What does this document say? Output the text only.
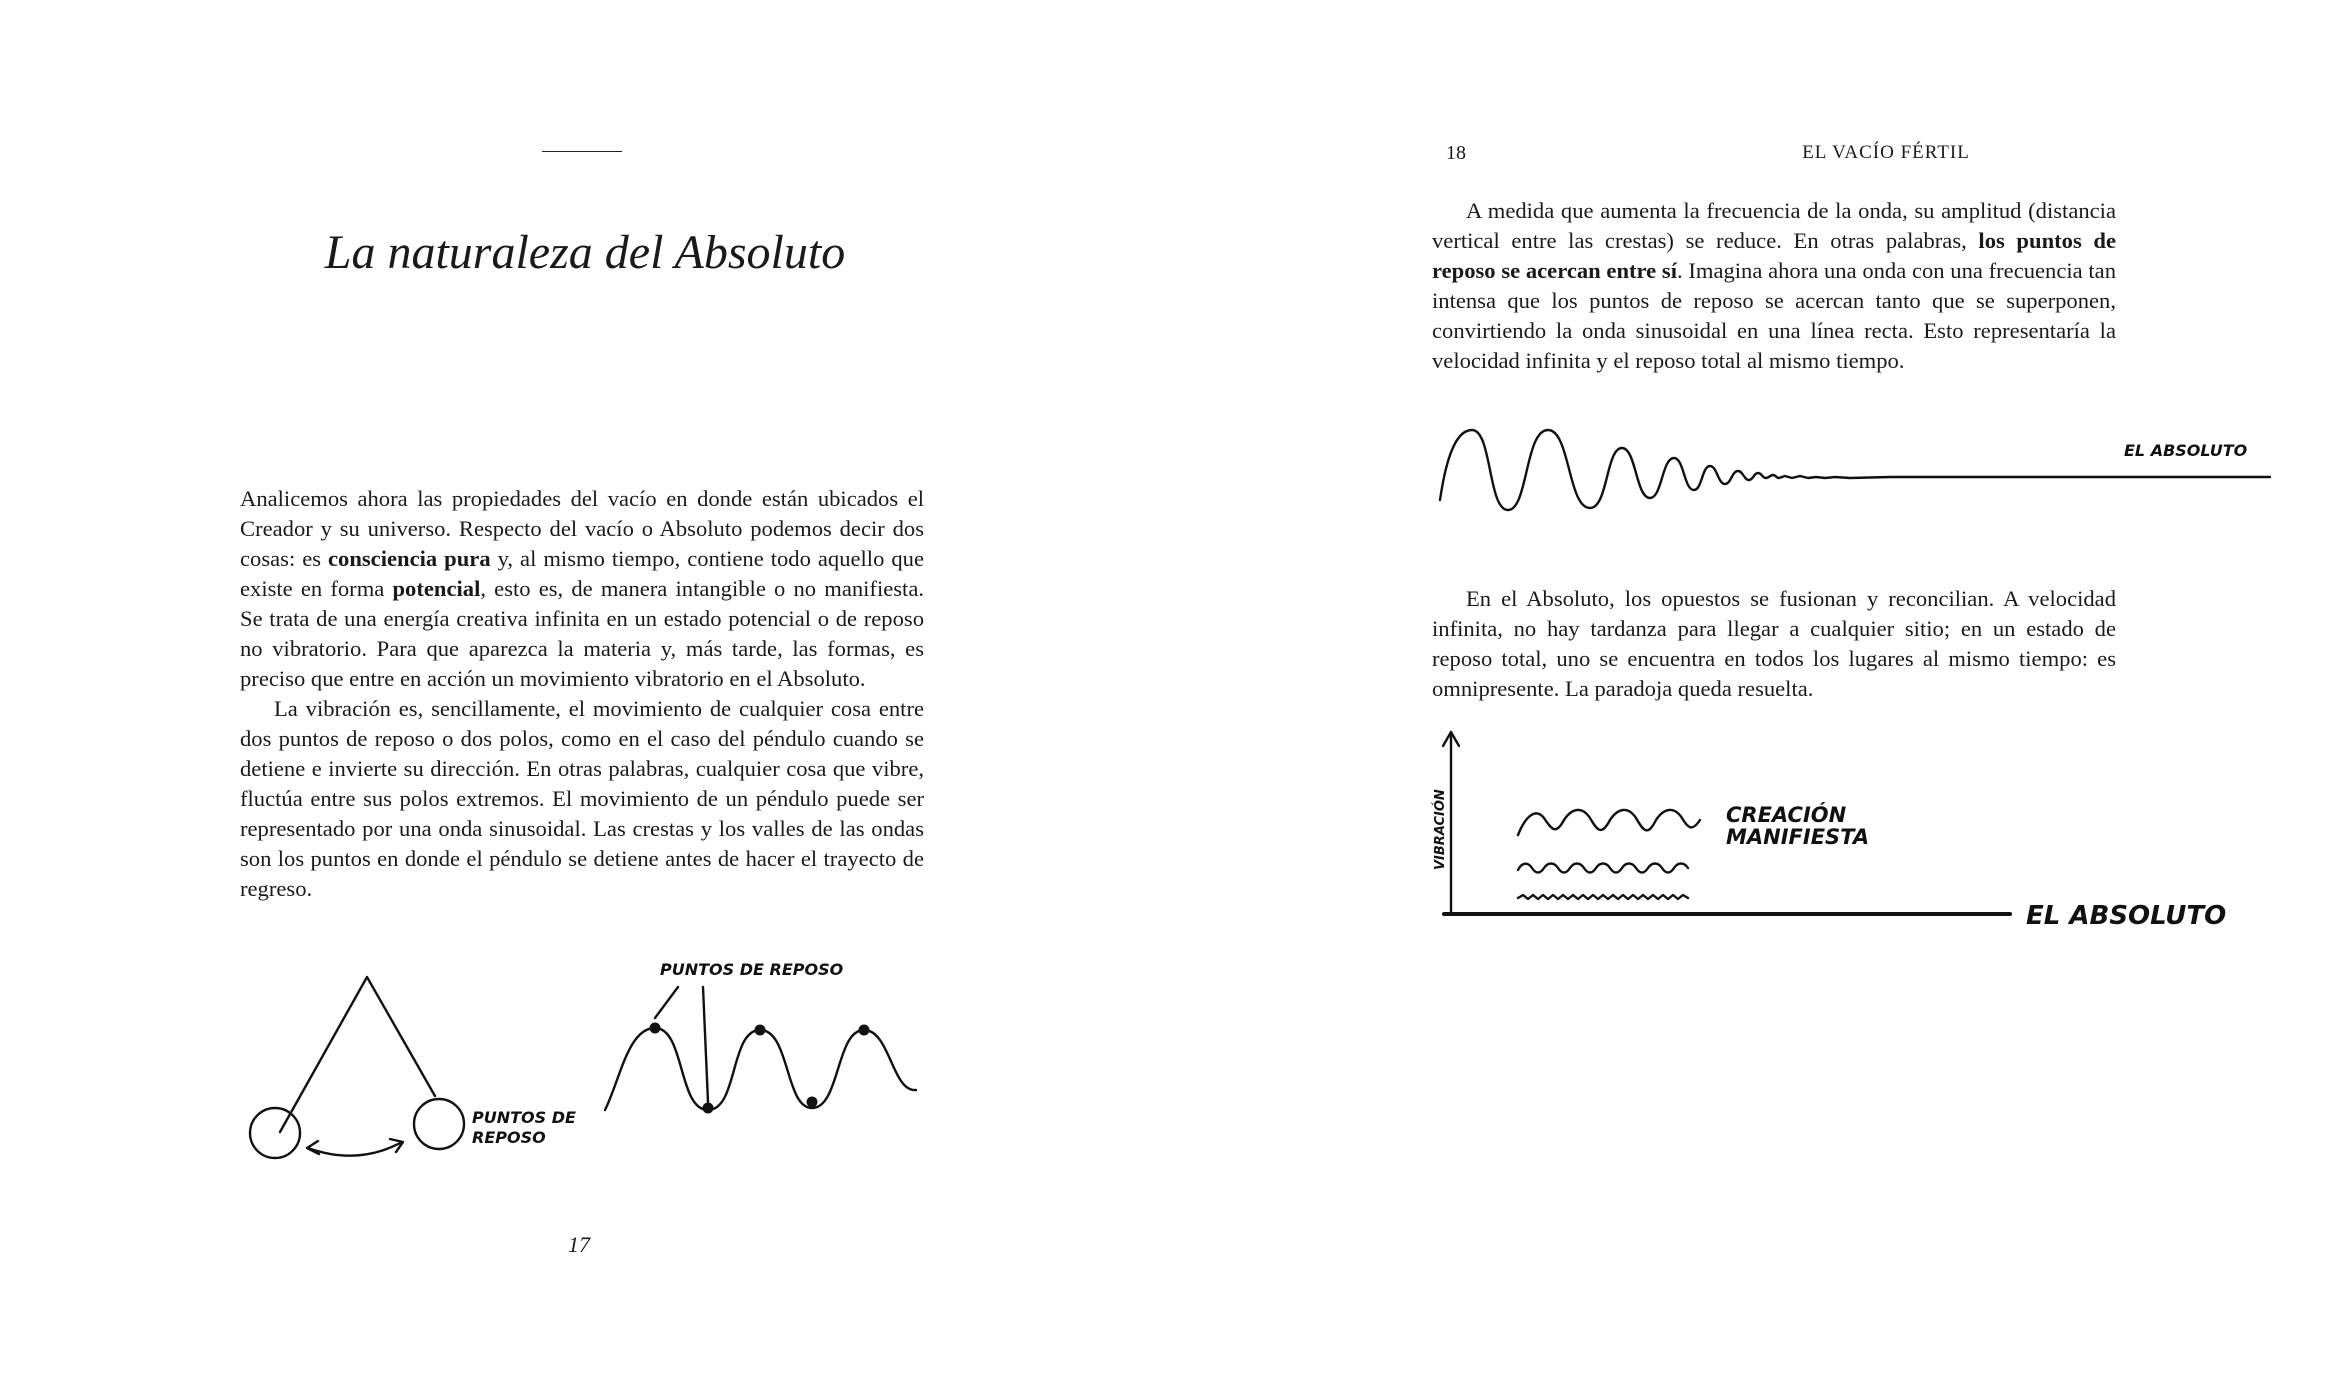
La naturaleza del Absoluto

Analicemos ahora las propiedades del vacío en donde están ubicados el Creador y su universo. Respecto del vacío o Absoluto podemos decir dos cosas: es consciencia pura y, al mismo tiempo, contiene todo aquello que existe en forma potencial, esto es, de manera intangible o no manifiesta. Se trata de una energía creativa infinita en un estado potencial o de reposo no vibratorio. Para que aparezca la materia y, más tarde, las formas, es preciso que entre en acción un movimiento vibratorio en el Absoluto.

La vibración es, sencillamente, el movimiento de cualquier cosa entre dos puntos de reposo o dos polos, como en el caso del péndulo cuando se detiene e invierte su dirección. En otras palabras, cualquier cosa que vibre, fluctúa entre sus polos extremos. El movimiento de un péndulo puede ser representado por una onda sinusoidal. Las crestas y los valles de las ondas son los puntos en donde el péndulo se detiene antes de hacer el trayecto de regreso.

PUNTOS DE
REPOSO
PUNTOS DE REPOSO
17
18	EL VACÍO FÉRTIL

A medida que aumenta la frecuencia de la onda, su amplitud (distancia vertical entre las crestas) se reduce. En otras palabras, los puntos de reposo se acercan entre sí. Imagina ahora una onda con una frecuencia tan intensa que los puntos de reposo se acercan tanto que se superponen, convirtiendo la onda sinusoidal en una línea recta. Esto representaría la velocidad infinita y el reposo total al mismo tiempo.

EL ABSOLUTO

En el Absoluto, los opuestos se fusionan y reconcilian. A velocidad infinita, no hay tardanza para llegar a cualquier sitio; en un estado de reposo total, uno se encuentra en todos los lugares al mismo tiempo: es omnipresente. La paradoja queda resuelta.

VIBRACIÓN	CREACIÓN
MANIFIESTA
EL ABSOLUTO
